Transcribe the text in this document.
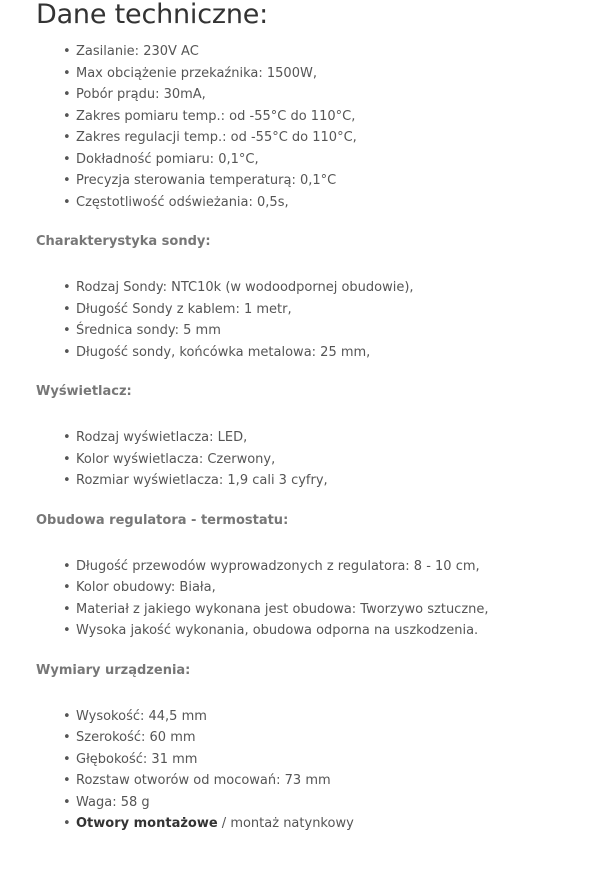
Dane techniczne:
• Zasilanie: 230V AC
• Max obciążenie przekaźnika: 1500W,
• Pobór prądu: 30mA,
• Zakres pomiaru temp.: od -55°C do 110°C,
• Zakres regulacji temp.: od -55°C do 110°C,
• Dokładność pomiaru: 0,1°C,
• Precyzja sterowania temperaturą: 0,1°C
• Częstotliwość odświeżania: 0,5s,
Charakterystyka sondy:
• Rodzaj Sondy: NTC10k (w wodoodpornej obudowie),
• Długość Sondy z kablem: 1 metr,
• Średnica sondy: 5 mm
• Długość sondy, końcówka metalowa: 25 mm,
Wyświetlacz:
• Rodzaj wyświetlacza: LED,
• Kolor wyświetlacza: Czerwony,
• Rozmiar wyświetlacza: 1,9 cali 3 cyfry,
Obudowa regulatora - termostatu:
• Długość przewodów wyprowadzonych z regulatora: 8 - 10 cm,
• Kolor obudowy: Biała,
• Materiał z jakiego wykonana jest obudowa: Tworzywo sztuczne,
• Wysoka jakość wykonania, obudowa odporna na uszkodzenia.
Wymiary urządzenia:
• Wysokość: 44,5 mm
• Szerokość: 60 mm
• Głębokość: 31 mm
• Rozstaw otworów od mocowań: 73 mm
• Waga: 58 g
• Otwory montażowe / montaż natynkowy
